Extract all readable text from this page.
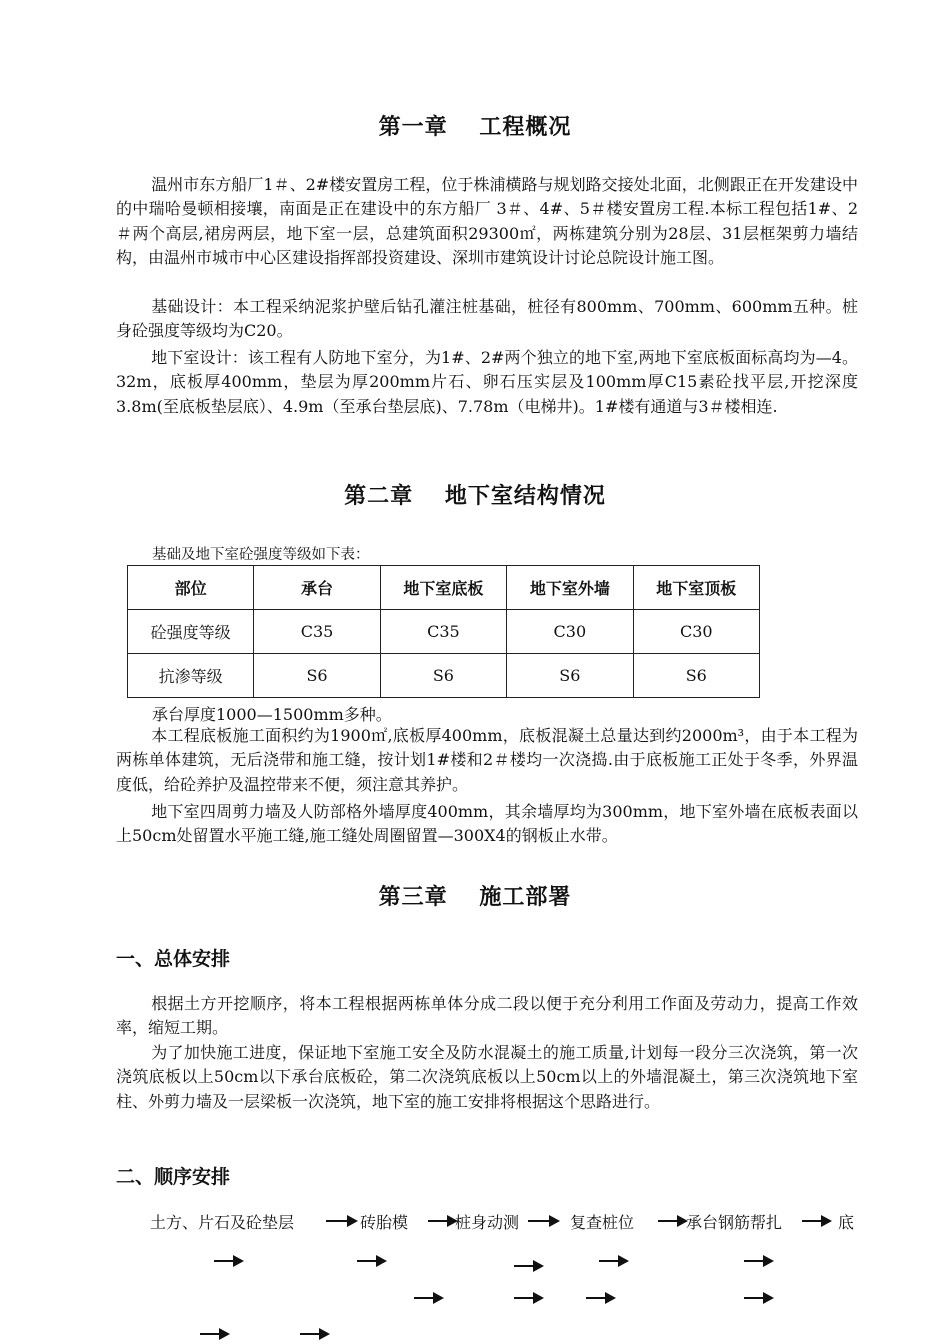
第一章　 工程概况

温州市东方船厂1＃、2#楼安置房工程，位于株浦横路与规划路交接处北面，北侧跟正在开发建设中的中瑞哈曼顿相接壤，南面是正在建设中的东方船厂 3＃、4#、5＃楼安置房工程.本标工程包括1#、2＃两个高层,裙房两层，地下室一层，总建筑面积29300㎡，两栋建筑分别为28层、31层框架剪力墙结构，由温州市城市中心区建设指挥部投资建设、深圳市建筑设计讨论总院设计施工图。

基础设计：本工程采纳泥浆护壁后钻孔灌注桩基础，桩径有800mm、700mm、600mm五种。桩身砼强度等级均为C20。

地下室设计：该工程有人防地下室分，为1#、2#两个独立的地下室,两地下室底板面标高均为—4。32m，底板厚400mm，垫层为厚200mm片石、卵石压实层及100mm厚C15素砼找平层,开挖深度3.8m(至底板垫层底）、4.9m（至承台垫层底)、7.78m（电梯井)。1#楼有通道与3＃楼相连.

第二章　 地下室结构情况

基础及地下室砼强度等级如下表：

部位	承台	地下室底板	地下室外墙	地下室顶板
砼强度等级	C35	C35	C30	C30
抗渗等级	S6	S6	S6	S6

承台厚度1000—1500mm多种。

本工程底板施工面积约为1900㎡,底板厚400mm，底板混凝土总量达到约2000m³，由于本工程为两栋单体建筑，无后浇带和施工缝，按计划1#楼和2＃楼均一次浇捣.由于底板施工正处于冬季，外界温度低，给砼养护及温控带来不便，须注意其养护。

地下室四周剪力墙及人防部格外墙厚度400mm，其余墙厚均为300mm，地下室外墙在底板表面以上50cm处留置水平施工缝,施工缝处周圈留置—300X4的钢板止水带。

第三章　 施工部署
一、总体安排

根据土方开挖顺序，将本工程根据两栋单体分成二段以便于充分利用工作面及劳动力，提高工作效率，缩短工期。

为了加快施工进度，保证地下室施工安全及防水混凝土的施工质量,计划每一段分三次浇筑，第一次浇筑底板以上50cm以下承台底板砼，第二次浇筑底板以上50cm以上的外墙混凝土，第三次浇筑地下室柱、外剪力墙及一层梁板一次浇筑，地下室的施工安排将根据这个思路进行。

二、顺序安排
土方、片石及砼垫层	砖胎模	桩身动测	复查桩位	承台钢筋帮扎	底
